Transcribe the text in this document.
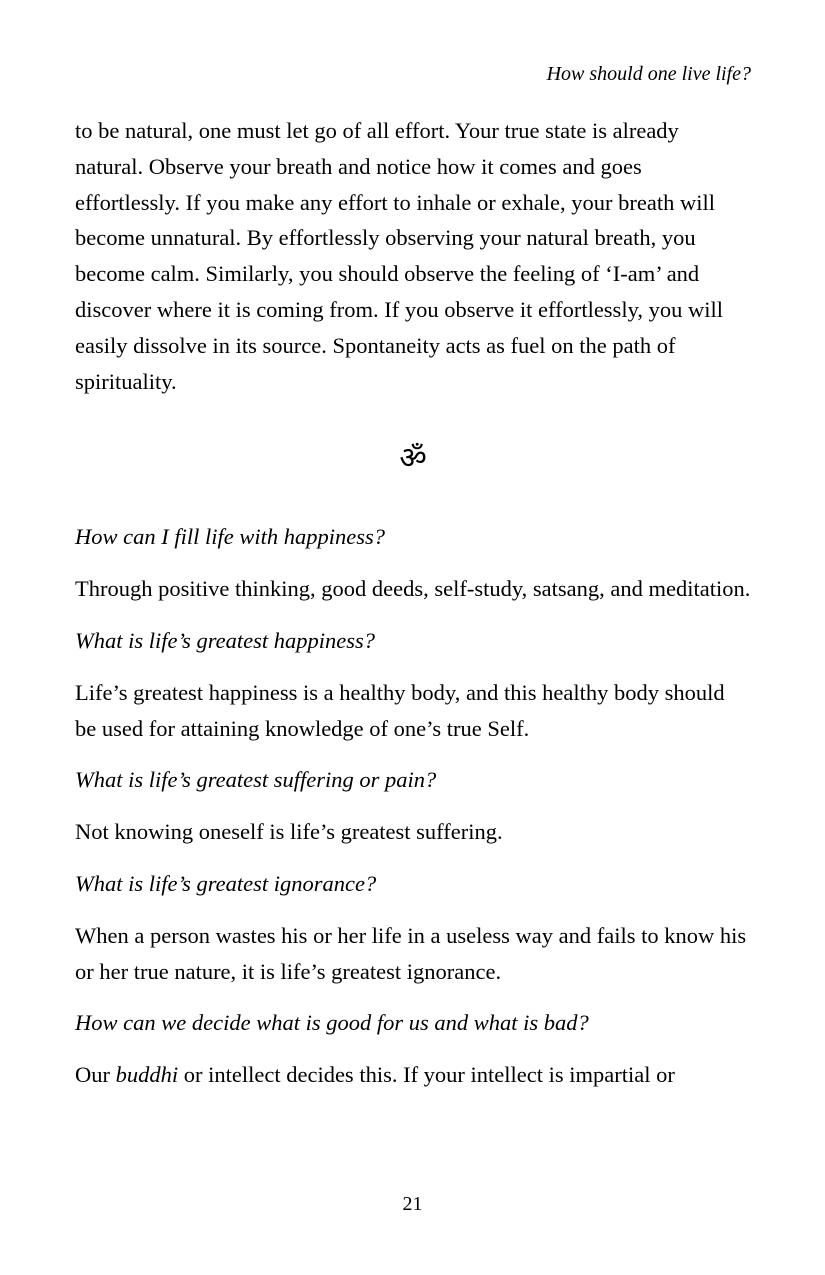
How should one live life?

to be natural, one must let go of all effort. Your true state is already natural. Observe your breath and notice how it comes and goes effortlessly. If you make any effort to inhale or exhale, your breath will become unnatural. By effortlessly observing your natural breath, you become calm. Similarly, you should observe the feeling of ‘I-am’ and discover where it is coming from. If you observe it effortlessly, you will easily dissolve in its source. Spontaneity acts as fuel on the path of spirituality.

ॐ

How can I fill life with happiness?

Through positive thinking, good deeds, self-study, satsang, and meditation.

What is life’s greatest happiness?

Life’s greatest happiness is a healthy body, and this healthy body should be used for attaining knowledge of one’s true Self.

What is life’s greatest suffering or pain?

Not knowing oneself is life’s greatest suffering.

What is life’s greatest ignorance?

When a person wastes his or her life in a useless way and fails to know his or her true nature, it is life’s greatest ignorance.

How can we decide what is good for us and what is bad?

Our buddhi or intellect decides this. If your intellect is impartial or

21
